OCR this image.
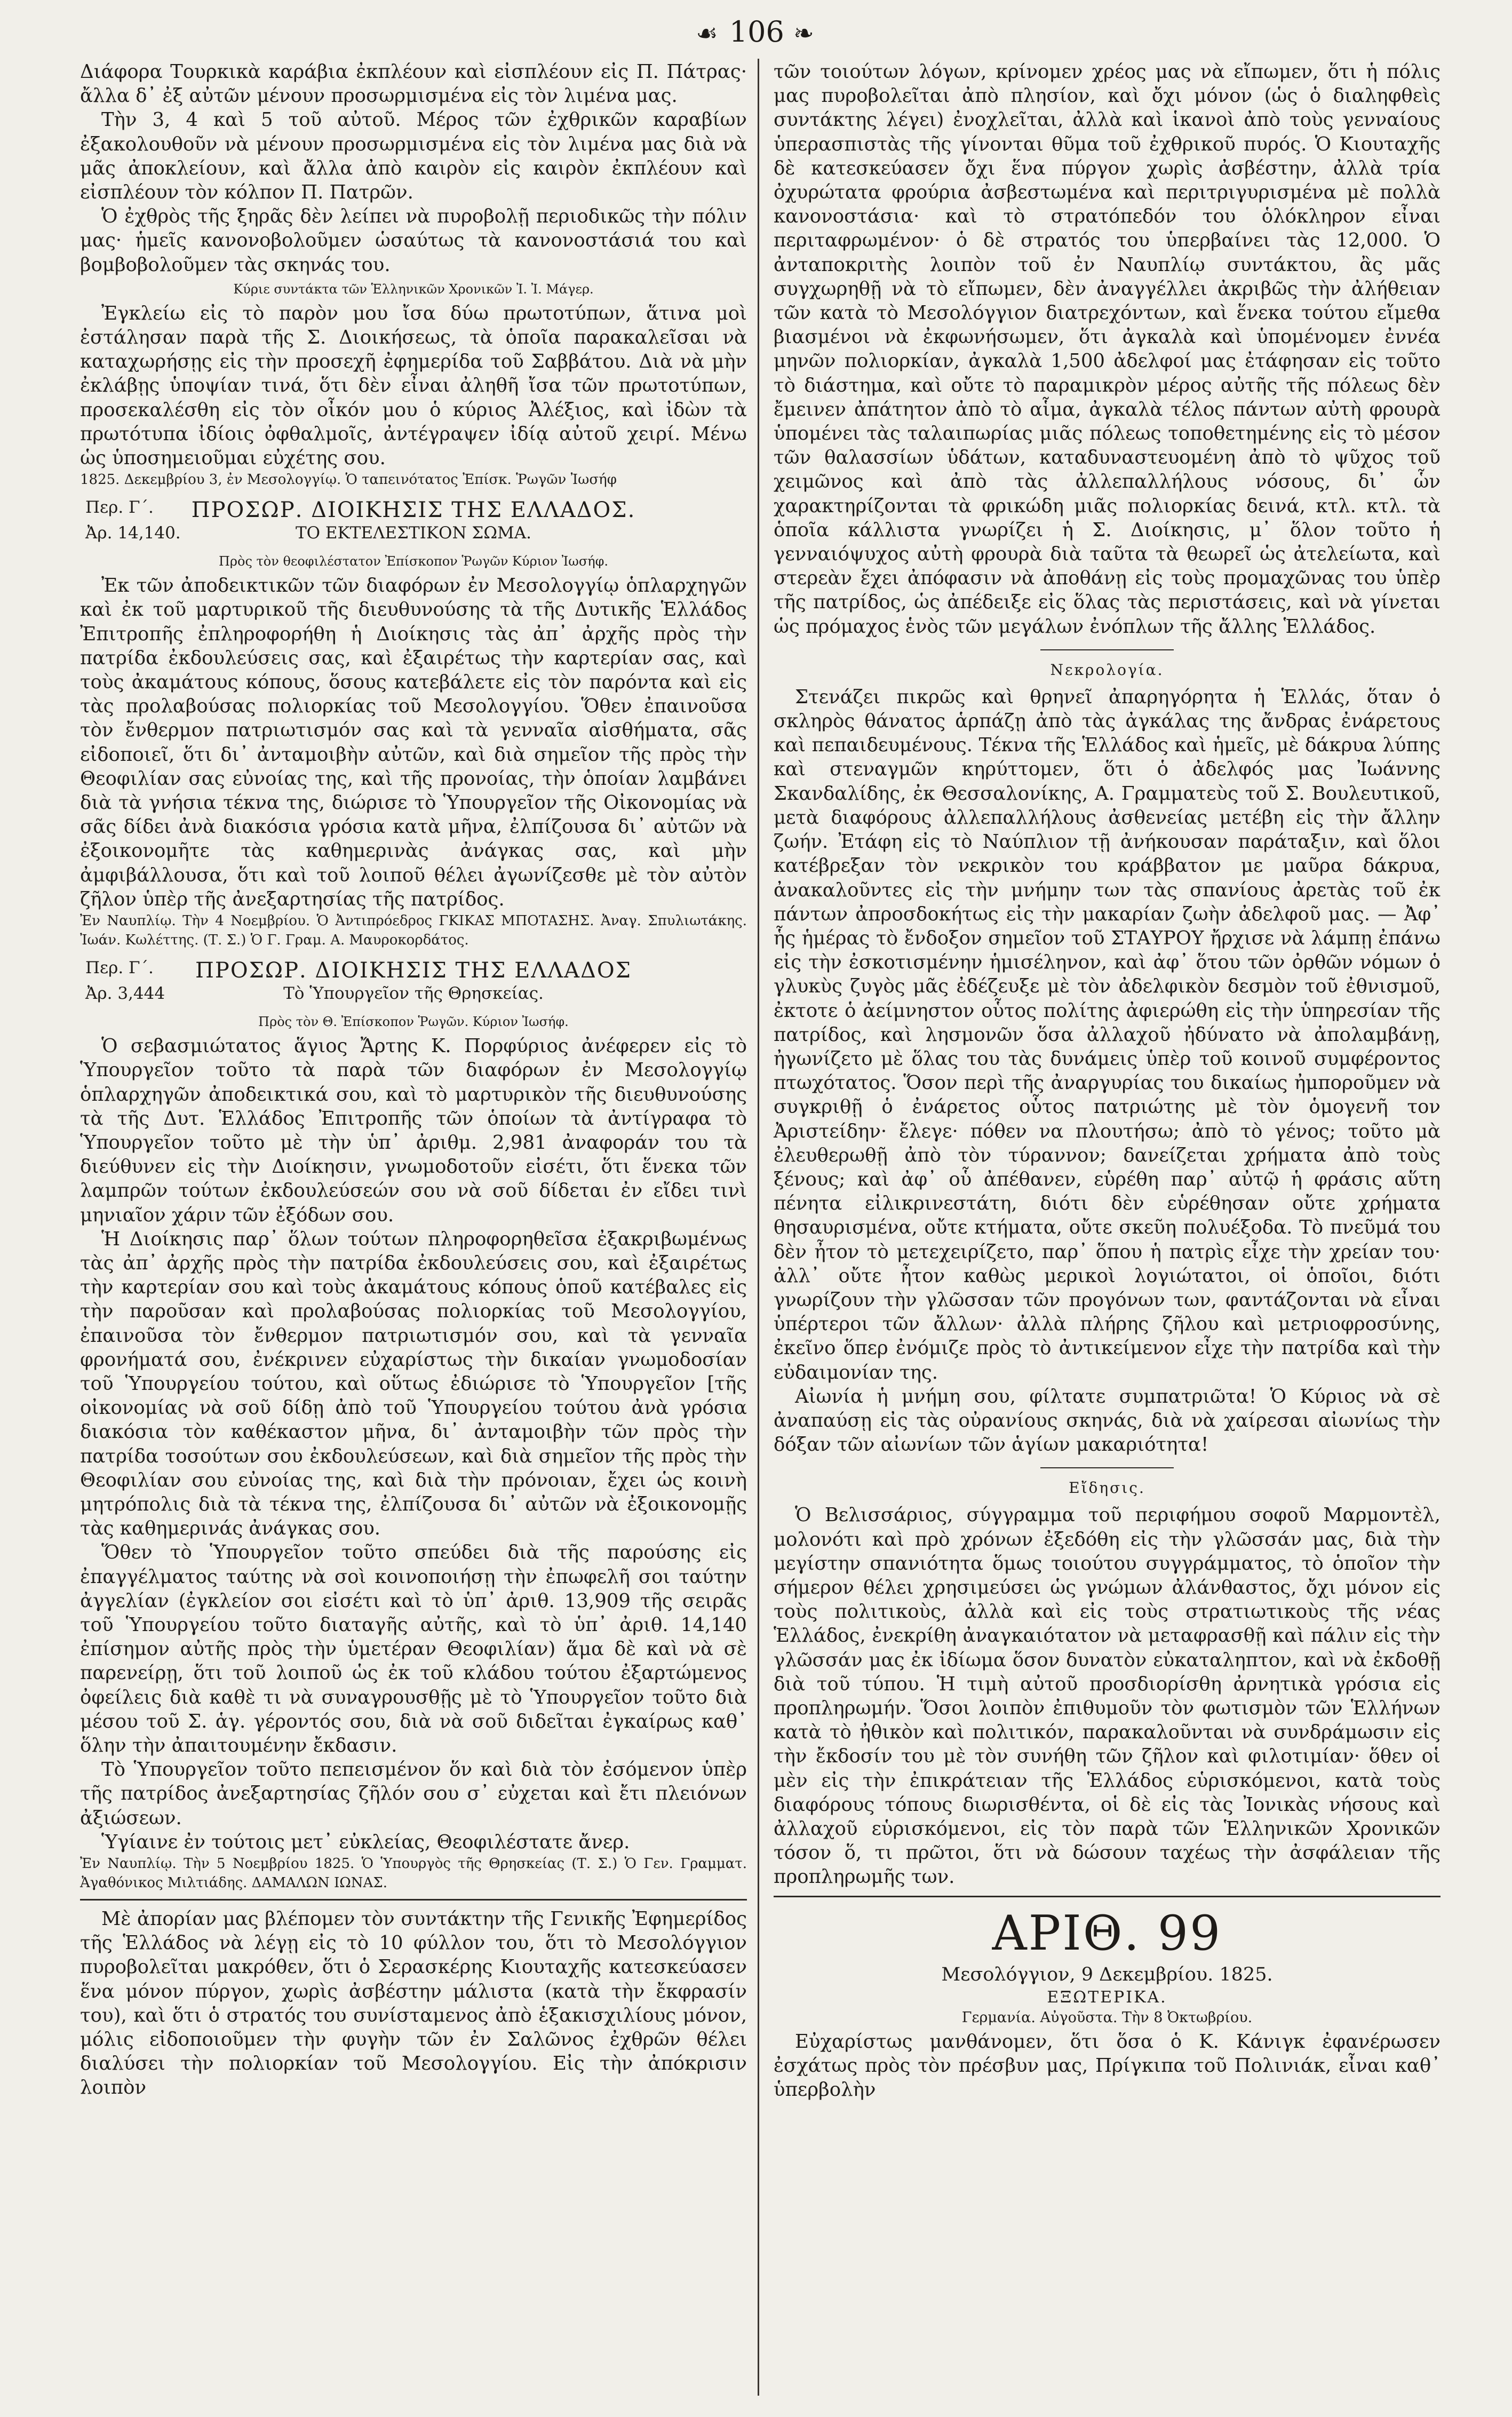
☙ 106 ❧

Διάφορα Τουρκικὰ καράβια ἐκπλέουν καὶ εἰσπλέουν εἰς Π. Πάτρας· ἄλλα δ᾽ ἐξ αὐτῶν μένουν προσωρμισμένα εἰς τὸν λιμένα μας.

Τὴν 3, 4 καὶ 5 τοῦ αὐτοῦ. Μέρος τῶν ἐχθρικῶν καραβίων ἐξακολουθοῦν νὰ μένουν προσωρμισμένα εἰς τὸν λιμένα μας διὰ νὰ μᾶς ἀποκλείουν, καὶ ἄλλα ἀπὸ καιρὸν εἰς καιρὸν ἐκπλέουν καὶ εἰσπλέουν τὸν κόλπον Π. Πατρῶν.

Ὁ ἐχθρὸς τῆς ξηρᾶς δὲν λείπει νὰ πυροβολῇ περιοδικῶς τὴν πόλιν μας· ἡμεῖς κανονοβολοῦμεν ὡσαύτως τὰ κανονοστάσιά του καὶ βομβοβολοῦμεν τὰς σκηνάς του.

Κύριε συντάκτα τῶν Ἑλληνικῶν Χρονικῶν Ἰ. Ἰ. Μάγερ.

Ἐγκλείω εἰς τὸ παρὸν μου ἴσα δύω πρωτοτύπων, ἅτινα μοὶ ἐστάλησαν παρὰ τῆς Σ. Διοικήσεως, τὰ ὁποῖα παρακαλεῖσαι νὰ καταχωρήσῃς εἰς τὴν προσεχῆ ἐφημερίδα τοῦ Σαββάτου. Διὰ νὰ μὴν ἐκλάβῃς ὑποψίαν τινά, ὅτι δὲν εἶναι ἀληθῆ ἴσα τῶν πρωτοτύπων, προσεκαλέσθη εἰς τὸν οἶκόν μου ὁ κύριος Ἀλέξιος, καὶ ἰδὼν τὰ πρωτότυπα ἰδίοις ὀφθαλμοῖς, ἀντέγραψεν ἰδίᾳ αὐτοῦ χειρί. Μένω ὡς ὑποσημειοῦμαι εὐχέτης σου.

1825. Δεκεμβρίου 3, ἐν Μεσολογγίῳ. Ὁ ταπεινότατος Ἐπίσκ. Ῥωγῶν Ἰωσήφ

Περ. Γ΄.	ΠΡΟΣΩΡ. ΔΙΟΙΚΗΣΙΣ ΤΗΣ ΕΛΛΑΔΟΣ.
Ἀρ. 14,140.	ΤΟ ΕΚΤΕΛΕΣΤΙΚΟΝ ΣΩΜΑ.
Πρὸς τὸν θεοφιλέστατον Ἐπίσκοπον Ῥωγῶν Κύριον Ἰωσήφ.

Ἐκ τῶν ἀποδεικτικῶν τῶν διαφόρων ἐν Μεσολογγίῳ ὁπλαρχηγῶν καὶ ἐκ τοῦ μαρτυρικοῦ τῆς διευθυνούσης τὰ τῆς Δυτικῆς Ἑλλάδος Ἐπιτροπῆς ἐπληροφορήθη ἡ Διοίκησις τὰς ἀπ᾽ ἀρχῆς πρὸς τὴν πατρίδα ἐκδουλεύσεις σας, καὶ ἐξαιρέτως τὴν καρτερίαν σας, καὶ τοὺς ἀκαμάτους κόπους, ὅσους κατεβάλετε εἰς τὸν παρόντα καὶ εἰς τὰς προλαβούσας πολιορκίας τοῦ Μεσολογγίου. Ὅθεν ἐπαινοῦσα τὸν ἔνθερμον πατριωτισμόν σας καὶ τὰ γενναῖα αἰσθήματα, σᾶς εἰδοποιεῖ, ὅτι δι᾽ ἀνταμοιβὴν αὐτῶν, καὶ διὰ σημεῖον τῆς πρὸς τὴν Θεοφιλίαν σας εὐνοίας της, καὶ τῆς προνοίας, τὴν ὁποίαν λαμβάνει διὰ τὰ γνήσια τέκνα της, διώρισε τὸ Ὑπουργεῖον τῆς Οἰκονομίας νὰ σᾶς δίδει ἀνὰ διακόσια γρόσια κατὰ μῆνα, ἐλπίζουσα δι᾽ αὐτῶν νὰ ἐξοικονομῆτε τὰς καθημερινὰς ἀνάγκας σας, καὶ μὴν ἀμφιβάλλουσα, ὅτι καὶ τοῦ λοιποῦ θέλει ἀγωνίζεσθε μὲ τὸν αὐτὸν ζῆλον ὑπὲρ τῆς ἀνεξαρτησίας τῆς πατρίδος.

Ἐν Ναυπλίῳ. Τὴν 4 Νοεμβρίου. Ὁ Ἀντιπρόεδρος ΓΚΙΚΑΣ ΜΠΟΤΑΣΗΣ. Ἀναγ. Σπυλιωτάκης. Ἰωάν. Κωλέττης. (Τ. Σ.) Ὁ Γ. Γραμ. Α. Μαυροκορδάτος.

Περ. Γ΄.	ΠΡΟΣΩΡ. ΔΙΟΙΚΗΣΙΣ ΤΗΣ ΕΛΛΑΔΟΣ
Ἀρ. 3,444	Τὸ Ὑπουργεῖον τῆς Θρησκείας.
Πρὸς τὸν Θ. Ἐπίσκοπον Ῥωγῶν. Κύριον Ἰωσήφ.

Ὁ σεβασμιώτατος ἅγιος Ἄρτης Κ. Πορφύριος ἀνέφερεν εἰς τὸ Ὑπουργεῖον τοῦτο τὰ παρὰ τῶν διαφόρων ἐν Μεσολογγίῳ ὁπλαρχηγῶν ἀποδεικτικά σου, καὶ τὸ μαρτυρικὸν τῆς διευθυνούσης τὰ τῆς Δυτ. Ἑλλάδος Ἐπιτροπῆς τῶν ὁποίων τὰ ἀντίγραφα τὸ Ὑπουργεῖον τοῦτο μὲ τὴν ὑπ᾽ ἀριθμ. 2,981 ἀναφοράν του τὰ διεύθυνεν εἰς τὴν Διοίκησιν, γνωμοδοτοῦν εἰσέτι, ὅτι ἕνεκα τῶν λαμπρῶν τούτων ἐκδουλεύσεών σου νὰ σοῦ δίδεται ἐν εἴδει τινὶ μηνιαῖον χάριν τῶν ἐξόδων σου.

Ἡ Διοίκησις παρ᾽ ὅλων τούτων πληροφορηθεῖσα ἐξακριβωμένως τὰς ἀπ᾽ ἀρχῆς πρὸς τὴν πατρίδα ἐκδουλεύσεις σου, καὶ ἐξαιρέτως τὴν καρτερίαν σου καὶ τοὺς ἀκαμάτους κόπους ὁποῦ κατέβαλες εἰς τὴν παροῦσαν καὶ προλαβούσας πολιορκίας τοῦ Μεσολογγίου, ἐπαινοῦσα τὸν ἔνθερμον πατριωτισμόν σου, καὶ τὰ γενναῖα φρονήματά σου, ἐνέκρινεν εὐχαρίστως τὴν δικαίαν γνωμοδοσίαν τοῦ Ὑπουργείου τούτου, καὶ οὕτως ἐδιώρισε τὸ Ὑπουργεῖον [τῆς οἰκονομίας νὰ σοῦ δίδῃ ἀπὸ τοῦ Ὑπουργείου τούτου ἀνὰ γρόσια διακόσια τὸν καθέκαστον μῆνα, δι᾽ ἀνταμοιβὴν τῶν πρὸς τὴν πατρίδα τοσούτων σου ἐκδουλεύσεων, καὶ διὰ σημεῖον τῆς πρὸς τὴν Θεοφιλίαν σου εὐνοίας της, καὶ διὰ τὴν πρόνοιαν, ἔχει ὡς κοινὴ μητρόπολις διὰ τὰ τέκνα της, ἐλπίζουσα δι᾽ αὐτῶν νὰ ἐξοικονομῇς τὰς καθημερινάς ἀνάγκας σου.

Ὅθεν τὸ Ὑπουργεῖον τοῦτο σπεύδει διὰ τῆς παρούσης εἰς ἐπαγγέλματος ταύτης νὰ σοὶ κοινοποιήσῃ τὴν ἐπωφελῆ σοι ταύτην ἀγγελίαν (ἐγκλείον σοι εἰσέτι καὶ τὸ ὑπ᾽ ἀριθ. 13,909 τῆς σειρᾶς τοῦ Ὑπουργείου τοῦτο διαταγῆς αὐτῆς, καὶ τὸ ὑπ᾽ ἀριθ. 14,140 ἐπίσημον αὐτῆς πρὸς τὴν ὑμετέραν Θεοφιλίαν) ἅμα δὲ καὶ νὰ σὲ παρενείρῃ, ὅτι τοῦ λοιποῦ ὡς ἐκ τοῦ κλάδου τούτου ἐξαρτώμενος ὀφείλεις διὰ καθὲ τι νὰ συναγρουσθῇς μὲ τὸ Ὑπουργεῖον τοῦτο διὰ μέσου τοῦ Σ. ἁγ. γέροντός σου, διὰ νὰ σοῦ διδεῖται ἐγκαίρως καθ᾽ ὅλην τὴν ἀπαιτουμένην ἔκδασιν.

Τὸ Ὑπουργεῖον τοῦτο πεπεισμένον ὅν καὶ διὰ τὸν ἐσόμενον ὑπὲρ τῆς πατρίδος ἀνεξαρτησίας ζῆλόν σου σ᾽ εὐχεται καὶ ἔτι πλειόνων ἀξιώσεων.

Ὑγίαινε ἐν τούτοις μετ᾽ εὐκλείας, Θεοφιλέστατε ἄνερ.

Ἐν Ναυπλίῳ. Τὴν 5 Νοεμβρίου 1825. Ὁ Ὑπουργὸς τῆς Θρησκείας (Τ. Σ.) Ὁ Γεν. Γραμματ. Ἀγαθόνικος Μιλτιάδης. ΔΑΜΑΛΩΝ ΙΩΝΑΣ.

Μὲ ἀπορίαν μας βλέπομεν τὸν συντάκτην τῆς Γενικῆς Ἐφημερίδος τῆς Ἑλλάδος νὰ λέγῃ εἰς τὸ 10 φύλλον του, ὅτι τὸ Μεσολόγγιον πυροβολεῖται μακρόθεν, ὅτι ὁ Σερασκέρης Κιουταχῆς κατεσκεύασεν ἕνα μόνον πύργον, χωρὶς ἀσβέστην μάλιστα (κατὰ τὴν ἔκφρασίν του), καὶ ὅτι ὁ στρατός του συνίσταμενος ἀπὸ ἑξακισχιλίους μόνον, μόλις εἰδοποιοῦμεν τὴν φυγὴν τῶν ἐν Σαλῶνος ἐχθρῶν θέλει διαλύσει τὴν πολιορκίαν τοῦ Μεσολογγίου. Εἰς τὴν ἀπόκρισιν λοιπὸν

τῶν τοιούτων λόγων, κρίνομεν χρέος μας νὰ εἴπωμεν, ὅτι ἡ πόλις μας πυροβολεῖται ἀπὸ πλησίον, καὶ ὄχι μόνον (ὡς ὁ διαληφθεὶς συντάκτης λέγει) ἐνοχλεῖται, ἀλλὰ καὶ ἱκανοὶ ἀπὸ τοὺς γενναίους ὑπερασπιστὰς τῆς γίνονται θῦμα τοῦ ἐχθρικοῦ πυρός. Ὁ Κιουταχῆς δὲ κατεσκεύασεν ὄχι ἕνα πύργον χωρὶς ἀσβέστην, ἀλλὰ τρία ὀχυρώτατα φρούρια ἀσβεστωμένα καὶ περιτριγυρισμένα μὲ πολλὰ κανονοστάσια· καὶ τὸ στρατόπεδόν του ὁλόκληρον εἶναι περιταφρωμένον· ὁ δὲ στρατός του ὑπερβαίνει τὰς 12,000. Ὁ ἀνταποκριτὴς λοιπὸν τοῦ ἐν Ναυπλίῳ συντάκτου, ἂς μᾶς συγχωρηθῇ νὰ τὸ εἴπωμεν, δὲν ἀναγγέλλει ἀκριβῶς τὴν ἀλήθειαν τῶν κατὰ τὸ Μεσολόγγιον διατρεχόντων, καὶ ἕνεκα τούτου εἴμεθα βιασμένοι νὰ ἐκφωνήσωμεν, ὅτι ἀγκαλὰ καὶ ὑπομένομεν ἐννέα μηνῶν πολιορκίαν, ἀγκαλὰ 1,500 ἀδελφοί μας ἐτάφησαν εἰς τοῦτο τὸ διάστημα, καὶ οὔτε τὸ παραμικρὸν μέρος αὐτῆς τῆς πόλεως δὲν ἔμεινεν ἀπάτητον ἀπὸ τὸ αἷμα, ἀγκαλὰ τέλος πάντων αὐτὴ φρουρὰ ὑπομένει τὰς ταλαιπωρίας μιᾶς πόλεως τοποθετημένης εἰς τὸ μέσον τῶν θαλασσίων ὑδάτων, καταδυναστευομένη ἀπὸ τὸ ψῦχος τοῦ χειμῶνος καὶ ἀπὸ τὰς ἀλλεπαλλήλους νόσους, δι᾽ ὧν χαρακτηρίζονται τὰ φρικώδη μιᾶς πολιορκίας δεινά, κτλ. κτλ. τὰ ὁποῖα κάλλιστα γνωρίζει ἡ Σ. Διοίκησις, μ᾽ ὅλον τοῦτο ἡ γενναιόψυχος αὐτὴ φρουρὰ διὰ ταῦτα τὰ θεωρεῖ ὡς ἀτελείωτα, καὶ στερεὰν ἔχει ἀπόφασιν νὰ ἀποθάνῃ εἰς τοὺς προμαχῶνας του ὑπὲρ τῆς πατρίδος, ὡς ἀπέδειξε εἰς ὅλας τὰς περιστάσεις, καὶ νὰ γίνεται ὡς πρόμαχος ἑνὸς τῶν μεγάλων ἐνόπλων τῆς ἄλλης Ἑλλάδος.

Νεκρολογία.

Στενάζει πικρῶς καὶ θρηνεῖ ἀπαρηγόρητα ἡ Ἑλλάς, ὅταν ὁ σκληρὸς θάνατος ἁρπάζῃ ἀπὸ τὰς ἀγκάλας της ἄνδρας ἐνάρετους καὶ πεπαιδευμένους. Τέκνα τῆς Ἑλλάδος καὶ ἡμεῖς, μὲ δάκρυα λύπης καὶ στεναγμῶν κηρύττομεν, ὅτι ὁ ἀδελφός μας Ἰωάννης Σκανδαλίδης, ἐκ Θεσσαλονίκης, Α. Γραμματεὺς τοῦ Σ. Βουλευτικοῦ, μετὰ διαφόρους ἀλλεπαλλήλους ἀσθενείας μετέβη εἰς τὴν ἄλλην ζωήν. Ἐτάφη εἰς τὸ Ναύπλιον τῇ ἀνήκουσαν παράταξιν, καὶ ὅλοι κατέβρεξαν τὸν νεκρικὸν του κράββατον με μαῦρα δάκρυα, ἀνακαλοῦντες εἰς τὴν μνήμην των τὰς σπανίους ἀρετὰς τοῦ ἐκ πάντων ἀπροσδοκήτως εἰς τὴν μακαρίαν ζωὴν ἀδελφοῦ μας. — Ἀφ᾽ ἧς ἡμέρας τὸ ἔνδοξον σημεῖον τοῦ ΣΤΑΥΡΟΥ ἤρχισε νὰ λάμπῃ ἐπάνω εἰς τὴν ἐσκοτισμένην ἡμισέληνον, καὶ ἀφ᾽ ὅτου τῶν ὀρθῶν νόμων ὁ γλυκὺς ζυγὸς μᾶς ἐδέζευξε μὲ τὸν ἀδελφικὸν δεσμὸν τοῦ ἐθνισμοῦ, ἐκτοτε ὁ ἀείμνηστον οὗτος πολίτης ἀφιερώθη εἰς τὴν ὑπηρεσίαν τῆς πατρίδος, καὶ λησμονῶν ὅσα ἀλλαχοῦ ἠδύνατο νὰ ἀπολαμβάνῃ, ἠγωνίζετο μὲ ὅλας του τὰς δυνάμεις ὑπὲρ τοῦ κοινοῦ συμφέροντος πτωχότατος. Ὅσον περὶ τῆς ἀναργυρίας του δικαίως ἠμποροῦμεν νὰ συγκριθῇ ὁ ἐνάρετος οὗτος πατριώτης μὲ τὸν ὁμογενῆ τον Ἀριστείδην· ἔλεγε· πόθεν να πλουτήσω; ἀπὸ τὸ γένος; τοῦτο μὰ ἐλευθερωθῇ ἀπὸ τὸν τύραννον; δανείζεται χρήματα ἀπὸ τοὺς ξένους; καὶ ἀφ᾽ οὗ ἀπέθανεν, εὑρέθη παρ᾽ αὐτῷ ἡ φράσις αὕτη πένητα εἰλικρινεστάτη, διότι δὲν εὑρέθησαν οὔτε χρήματα θησαυρισμένα, οὔτε κτήματα, οὔτε σκεῦη πολυέξοδα. Τὸ πνεῦμά του δὲν ἦτον τὸ μετεχειρίζετο, παρ᾽ ὅπου ἡ πατρὶς εἶχε τὴν χρείαν του· ἀλλ᾽ οὔτε ἦτον καθὼς μερικοὶ λογιώτατοι, οἱ ὁποῖοι, διότι γνωρίζουν τὴν γλῶσσαν τῶν προγόνων των, φαντάζονται νὰ εἶναι ὑπέρτεροι τῶν ἄλλων· ἀλλὰ πλήρης ζῆλου καὶ μετριοφροσύνης, ἐκεῖνο ὅπερ ἐνόμιζε πρὸς τὸ ἀντικείμενον εἶχε τὴν πατρίδα καὶ τὴν εὐδαιμονίαν της.

Αἰωνία ἡ μνήμη σου, φίλτατε συμπατριῶτα! Ὁ Κύριος νὰ σὲ ἀναπαύσῃ εἰς τὰς οὐρανίους σκηνάς, διὰ νὰ χαίρεσαι αἰωνίως τὴν δόξαν τῶν αἰωνίων τῶν ἁγίων μακαριότητα!

Εἴδησις.

Ὁ Βελισσάριος, σύγγραμμα τοῦ περιφήμου σοφοῦ Μαρμοντὲλ, μολονότι καὶ πρὸ χρόνων ἐξεδόθη εἰς τὴν γλῶσσάν μας, διὰ τὴν μεγίστην σπανιότητα ὅμως τοιούτου συγγράμματος, τὸ ὁποῖον τὴν σήμερον θέλει χρησιμεύσει ὡς γνώμων ἀλάνθαστος, ὄχι μόνον εἰς τοὺς πολιτικοὺς, ἀλλὰ καὶ εἰς τοὺς στρατιωτικοὺς τῆς νέας Ἑλλάδος, ἐνεκρίθη ἀναγκαιότατον νὰ μεταφρασθῇ καὶ πάλιν εἰς τὴν γλῶσσάν μας ἐκ ἰδίωμα ὅσον δυνατὸν εὐκαταληπτον, καὶ νὰ ἐκδοθῇ διὰ τοῦ τύπου. Ἡ τιμὴ αὐτοῦ προσδιορίσθη ἀρνητικὰ γρόσια εἰς προπληρωμήν. Ὅσοι λοιπὸν ἐπιθυμοῦν τὸν φωτισμὸν τῶν Ἑλλήνων κατὰ τὸ ἠθικὸν καὶ πολιτικόν, παρακαλοῦνται νὰ συνδράμωσιν εἰς τὴν ἔκδοσίν του μὲ τὸν συνήθη τῶν ζῆλον καὶ φιλοτιμίαν· ὅθεν οἱ μὲν εἰς τὴν ἐπικράτειαν τῆς Ἑλλάδος εὑρισκόμενοι, κατὰ τοὺς διαφόρους τόπους διωρισθέντα, οἱ δὲ εἰς τὰς Ἰονικὰς νήσους καὶ ἀλλαχοῦ εὑρισκόμενοι, εἰς τὸν παρὰ τῶν Ἑλληνικῶν Χρονικῶν τόσον ὅ, τι πρῶτοι, ὅτι νὰ δώσουν ταχέως τὴν ἀσφάλειαν τῆς προπληρωμῆς των.

ΑΡΙΘ. 99
Μεσολόγγιον, 9 Δεκεμβρίου. 1825.
ΕΞΩΤΕΡΙΚΑ.
Γερμανία. Αὐγοῦστα. Τὴν 8 Ὀκτωβρίου.

Εὐχαρίστως μανθάνομεν, ὅτι ὅσα ὁ Κ. Κάνιγκ ἐφανέρωσεν ἐσχάτως πρὸς τὸν πρέσβυν μας, Πρίγκιπα τοῦ Πολινιάκ, εἶναι καθ᾽ ὑπερβολὴν
